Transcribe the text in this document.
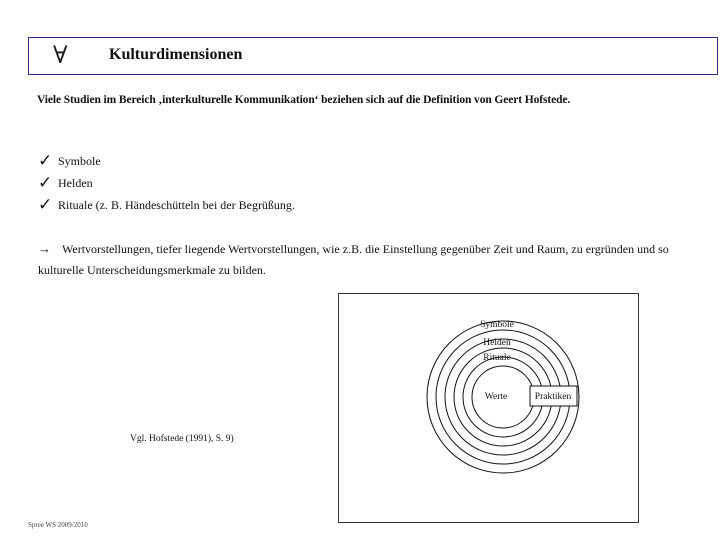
∀	Kulturdimensionen
Viele Studien im Bereich ‚interkulturelle Kommunikation‘ beziehen sich auf die Definition von Geert Hofstede.
✓ Symbole
✓ Helden
✓ Rituale (z. B. Händeschütteln bei der Begrüßung.
→ Wertvorstellungen, tiefer liegende Wertvorstellungen, wie z.B. die Einstellung gegenüber Zeit und Raum, zu ergründen und so kulturelle Unterscheidungsmerkmale zu bilden.
Symbole
Helden
Rituale
Werte	Praktiken
Vgl. Hofstede (1991), S. 9)
Spree WS 2009/2010
